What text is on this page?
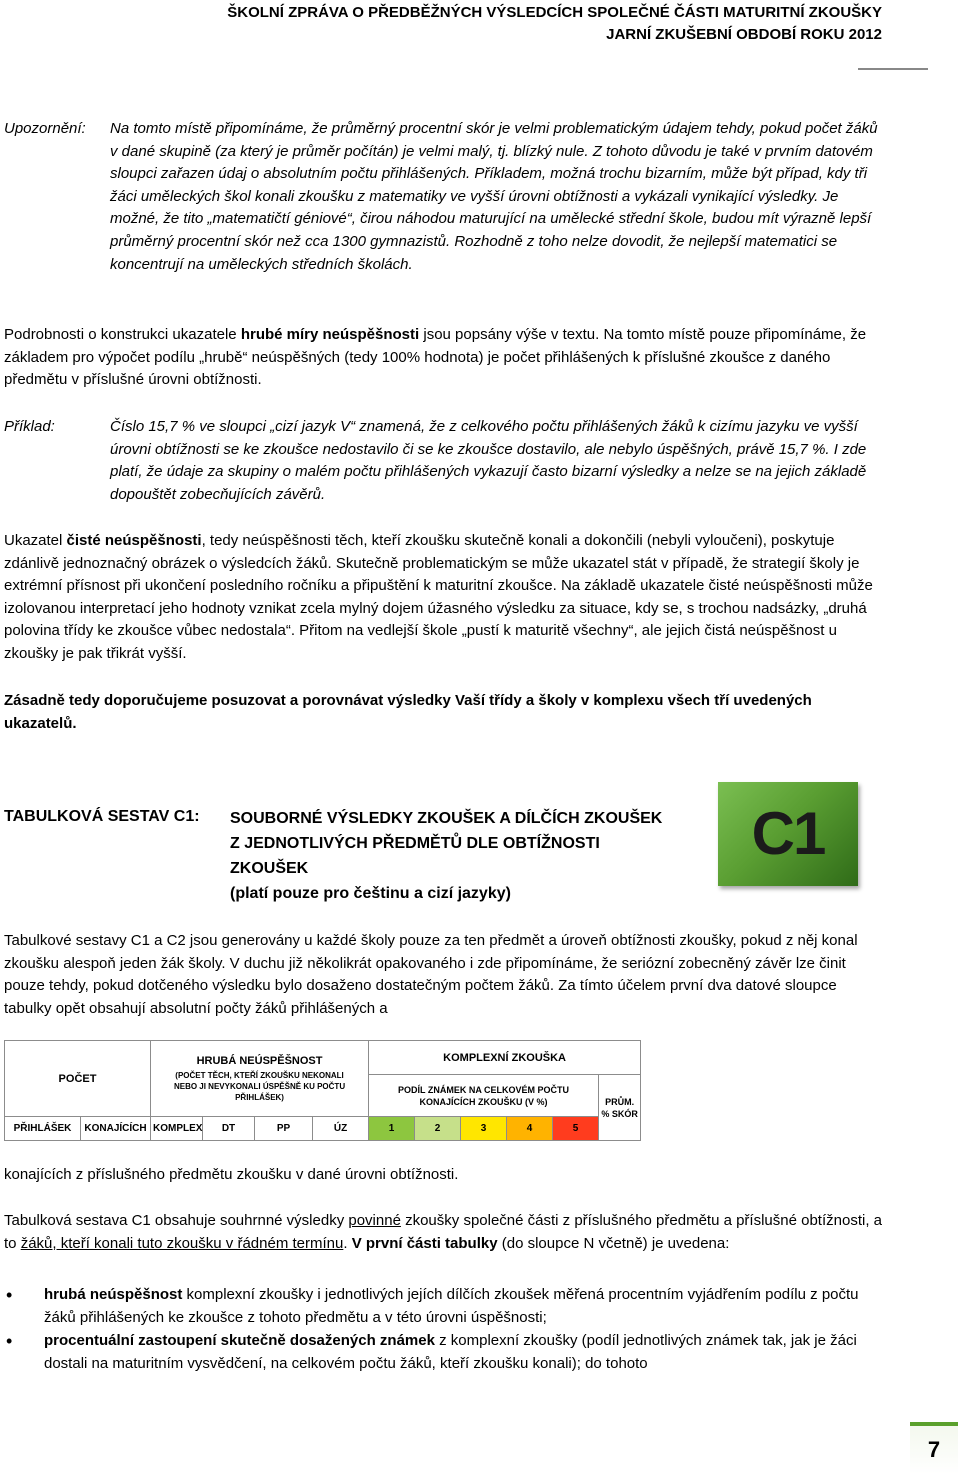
ŠKOLNÍ ZPRÁVA O PŘEDBĚŽNÝCH VÝSLEDCÍCH SPOLEČNÉ ČÁSTI MATURITNÍ ZKOUŠKY
JARNÍ ZKUŠEBNÍ OBDOBÍ ROKU 2012
Upozornění: Na tomto místě připomínáme, že průměrný procentní skór je velmi problematickým údajem tehdy, pokud počet žáků v dané skupině (za který je průměr počítán) je velmi malý, tj. blízký nule. Z tohoto důvodu je také v prvním datovém sloupci zařazen údaj o absolutním počtu přihlášených. Příkladem, možná trochu bizarním, může být případ, kdy tři žáci uměleckých škol konali zkoušku z matematiky ve vyšší úrovni obtížnosti a vykázali vynikající výsledky. Je možné, že tito „matematičtí géniové“, čirou náhodou maturující na umělecké střední škole, budou mít výrazně lepší průměrný procentní skór než cca 1300 gymnazistů. Rozhodně z toho nelze dovodit, že nejlepší matematici se koncentrují na uměleckých středních školách.

Podrobnosti o konstrukci ukazatele hrubé míry neúspěšnosti jsou popsány výše v textu. Na tomto místě pouze připomínáme, že základem pro výpočet podílu „hrubě“ neúspěšných (tedy 100% hodnota) je počet přihlášených k příslušné zkoušce z daného předmětu v příslušné úrovni obtížnosti.

Příklad:	Číslo 15,7 % ve sloupci „cizí jazyk V“ znamená, že z celkového počtu přihlášených žáků k cizímu jazyku ve vyšší úrovni obtížnosti se ke zkoušce nedostavilo či se ke zkoušce dostavilo, ale nebylo úspěšných, právě 15,7 %. I zde platí, že údaje za skupiny o malém počtu přihlášených vykazují často bizarní výsledky a nelze se na jejich základě dopouštět zobecňujících závěrů.

Ukazatel čisté neúspěšnosti, tedy neúspěšnosti těch, kteří zkoušku skutečně konali a dokončili (nebyli vyloučeni), poskytuje zdánlivě jednoznačný obrázek o výsledcích žáků. Skutečně problematickým se může ukazatel stát v případě, že strategií školy je extrémní přísnost při ukončení posledního ročníku a připuštění k maturitní zkoušce. Na základě ukazatele čisté neúspěšnosti může izolovanou interpretací jeho hodnoty vznikat zcela mylný dojem úžasného výsledku za situace, kdy se, s trochou nadsázky, „druhá polovina třídy ke zkoušce vůbec nedostala“. Přitom na vedlejší škole „pustí k maturitě všechny“, ale jejich čistá neúspěšnost u zkoušky je pak třikrát vyšší.

Zásadně tedy doporučujeme posuzovat a porovnávat výsledky Vaší třídy a školy v komplexu všech tří uvedených ukazatelů.

TABULKOVÁ SESTAV C1: SOUBORNÉ VÝSLEDKY ZKOUŠEK A DÍLČÍCH ZKOUŠEK
Z JEDNOTLIVÝCH PŘEDMĚTŮ DLE OBTÍŽNOSTI
ZKOUŠEK
(platí pouze pro češtinu a cizí jazyky)
C1

Tabulkové sestavy C1 a C2 jsou generovány u každé školy pouze za ten předmět a úroveň obtížnosti zkoušky, pokud z něj konal zkoušku alespoň jeden žák školy. V duchu již několikrát opakovaného i zde připomínáme, že seriózní zobecněný závěr lze činit pouze tehdy, pokud dotčeného výsledku bylo dosaženo dostatečným počtem žáků. Za tímto účelem první dva datové sloupce tabulky opět obsahují absolutní počty žáků přihlášených a

POČET		HRUBÁ NEÚSPĚŠNOST
(POČET TĚCH, KTEŘÍ ZKOUŠKU NEKONALI NEBO JI NEVYKONALI ÚSPĚŠNĚ KU POČTU PŘIHLÁŠEK)				KOMPLEXNÍ ZKOUŠKA					
						PODÍL ZNÁMEK NA CELKOVÉM POČTU KONAJÍCÍCH ZKOUŠKU (V %)					PRŮM. % SKÓR
PŘIHLÁŠEK	KONAJÍCÍCH	KOMPLEX	DT	PP	ÚZ	1	2	3	4	5	

konajících z příslušného předmětu zkoušku v dané úrovni obtížnosti.

Tabulková sestava C1 obsahuje souhrnné výsledky povinné zkoušky společné části z příslušného předmětu a příslušné obtížnosti, a to žáků, kteří konali tuto zkoušku v řádném termínu. V první části tabulky (do sloupce N včetně) je uvedena:

• hrubá neúspěšnost komplexní zkoušky i jednotlivých jejích dílčích zkoušek měřená procentním vyjádřením podílu z počtu žáků přihlášených ke zkoušce z tohoto předmětu a v této úrovni úspěšnosti;
• procentuální zastoupení skutečně dosažených známek z komplexní zkoušky (podíl jednotlivých známek tak, jak je žáci dostali na maturitním vysvědčení, na celkovém počtu žáků, kteří zkoušku konali); do tohoto
7
